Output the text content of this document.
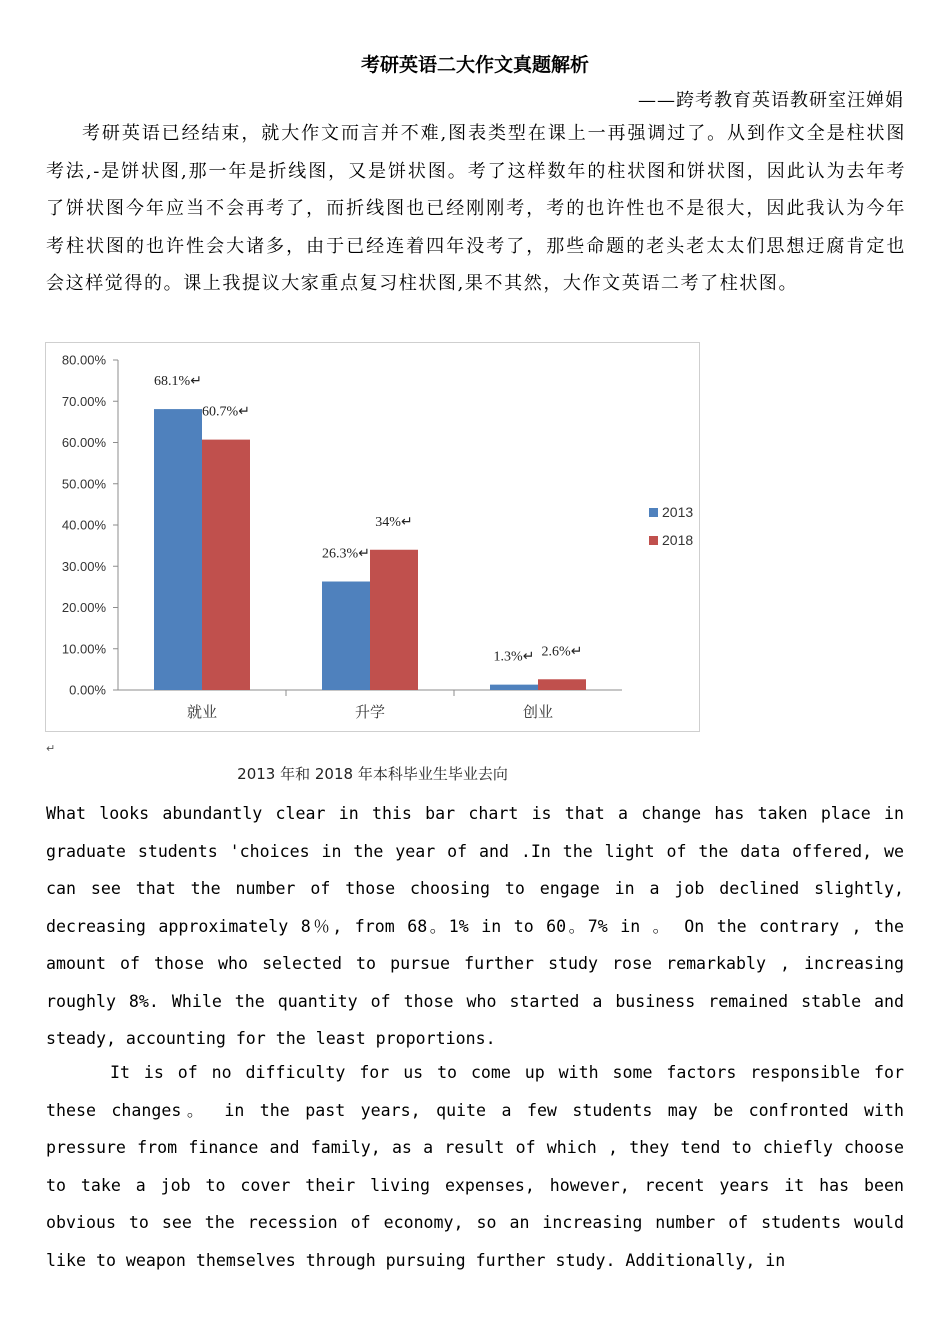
考研英语二大作文真题解析
——跨考教育英语教研室汪婵娟

考研英语已经结束，就大作文而言并不难,图表类型在课上一再强调过了。从到作文全是柱状图考法,-是饼状图,那一年是折线图，又是饼状图。考了这样数年的柱状图和饼状图，因此认为去年考了饼状图今年应当不会再考了，而折线图也已经刚刚考，考的也许性也不是很大，因此我认为今年考柱状图的也许性会大诸多，由于已经连着四年没考了，那些命题的老头老太太们思想迂腐肯定也会这样觉得的。课上我提议大家重点复习柱状图,果不其然，大作文英语二考了柱状图。

0.00%
10.00%
20.00%
30.00%
40.00%
50.00%
60.00%
70.00%
80.00%
就业
68.1%↵
60.7%↵
升学
26.3%↵
34%↵
创业
1.3%↵ 2.6%↵
2013
2018
↵
2013 年和 2018 年本科毕业生毕业去向

What looks abundantly clear in this bar chart is that a change has taken place in graduate students 'choices in the year of and .In the light of the data offered, we can see that the number of those choosing to engage in a job declined slightly, decreasing approximately 8％, from 68。1% in to 60。7% in 。 On the contrary , the amount of those who selected to pursue further study rose remarkably , increasing roughly 8%. While the quantity of those who started a business remained stable and steady, accounting for the least proportions.

It is of no difficulty for us to come up with some factors responsible for these changes。 in the past years, quite a few students may be confronted with pressure from finance and family, as a result of which , they tend to chiefly choose to take a job to cover their living expenses, however, recent years it has been obvious to see the recession of economy, so an increasing number of students would like to weapon themselves through pursuing further study. Additionally, in
